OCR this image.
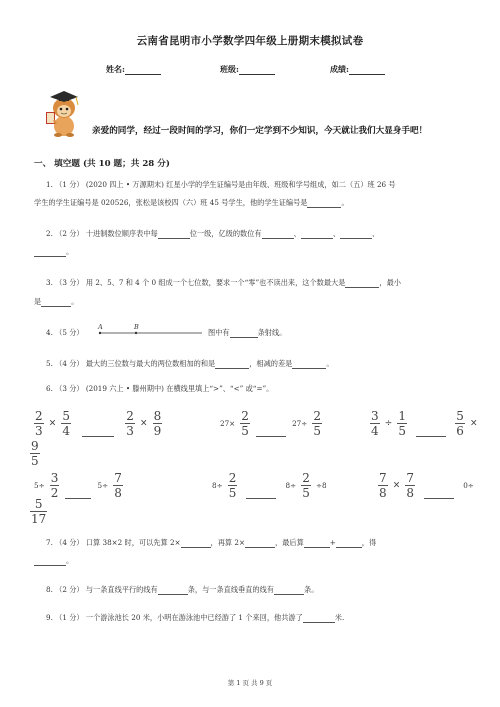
云南省昆明市小学数学四年级上册期末模拟试卷
姓名:	班级:	成绩:
亲爱的同学，经过一段时间的学习，你们一定学到不少知识，今天就让我们大显身手吧！
一、 填空题 (共 10 题；共 28 分)
1. （1 分） (2020 四上 • 万源期末) 红星小学的学生证编号是由年级、班级和学号组成，如二（五）班 26 号
学生的学生证编号是 020526，张松是该校四（六）班 45 号学生，他的学生证编号是	。
2. （2 分） 十进制数位顺序表中每	位一级，亿级的数位有	、	、	、
。
3. （3 分） 用 2、5、7 和 4 个 0 组成一个七位数，要求一个“零”也不读出来，这个数最大是	，最小
是	。
4. （5 分）
A	B
图中有	条射线。
5. （4 分） 最大的三位数与最大的两位数相加的和是	，相减的差是	。
6. （3 分） (2019 六上 • 滕州期中) 在横线里填上“>”、“<” 或“=”。
$\frac{2}{3} \times \frac{5}{4}$
	$\frac{2}{3} \times \frac{8}{9}$	$27\times \frac{2}{5}$	$27\div \frac{2}{5}$	$\frac{3}{4} \div \frac{1}{5}$
	$\frac{5}{6}$ ×
$\frac{9}{5}$
$5\div \frac{3}{2}$	$5\div \frac{7}{8}$	$8\div \frac{2}{5}$	$8\div \frac{2}{5} \div 8$	$\frac{7}{8} \times \frac{7}{8}$	0÷
$\frac{5}{17}$
7. （4 分） 口算 38×2 时，可以先算 2×	，再算 2×	，最后算	+	，得
。
8. （2 分） 与一条直线平行的线有	条，与一条直线垂直的线有	条。
9. （1 分） 一个游泳池长 20 米，小明在游泳池中已经游了 1 个来回，他共游了	米.
第 1 页 共 9 页
